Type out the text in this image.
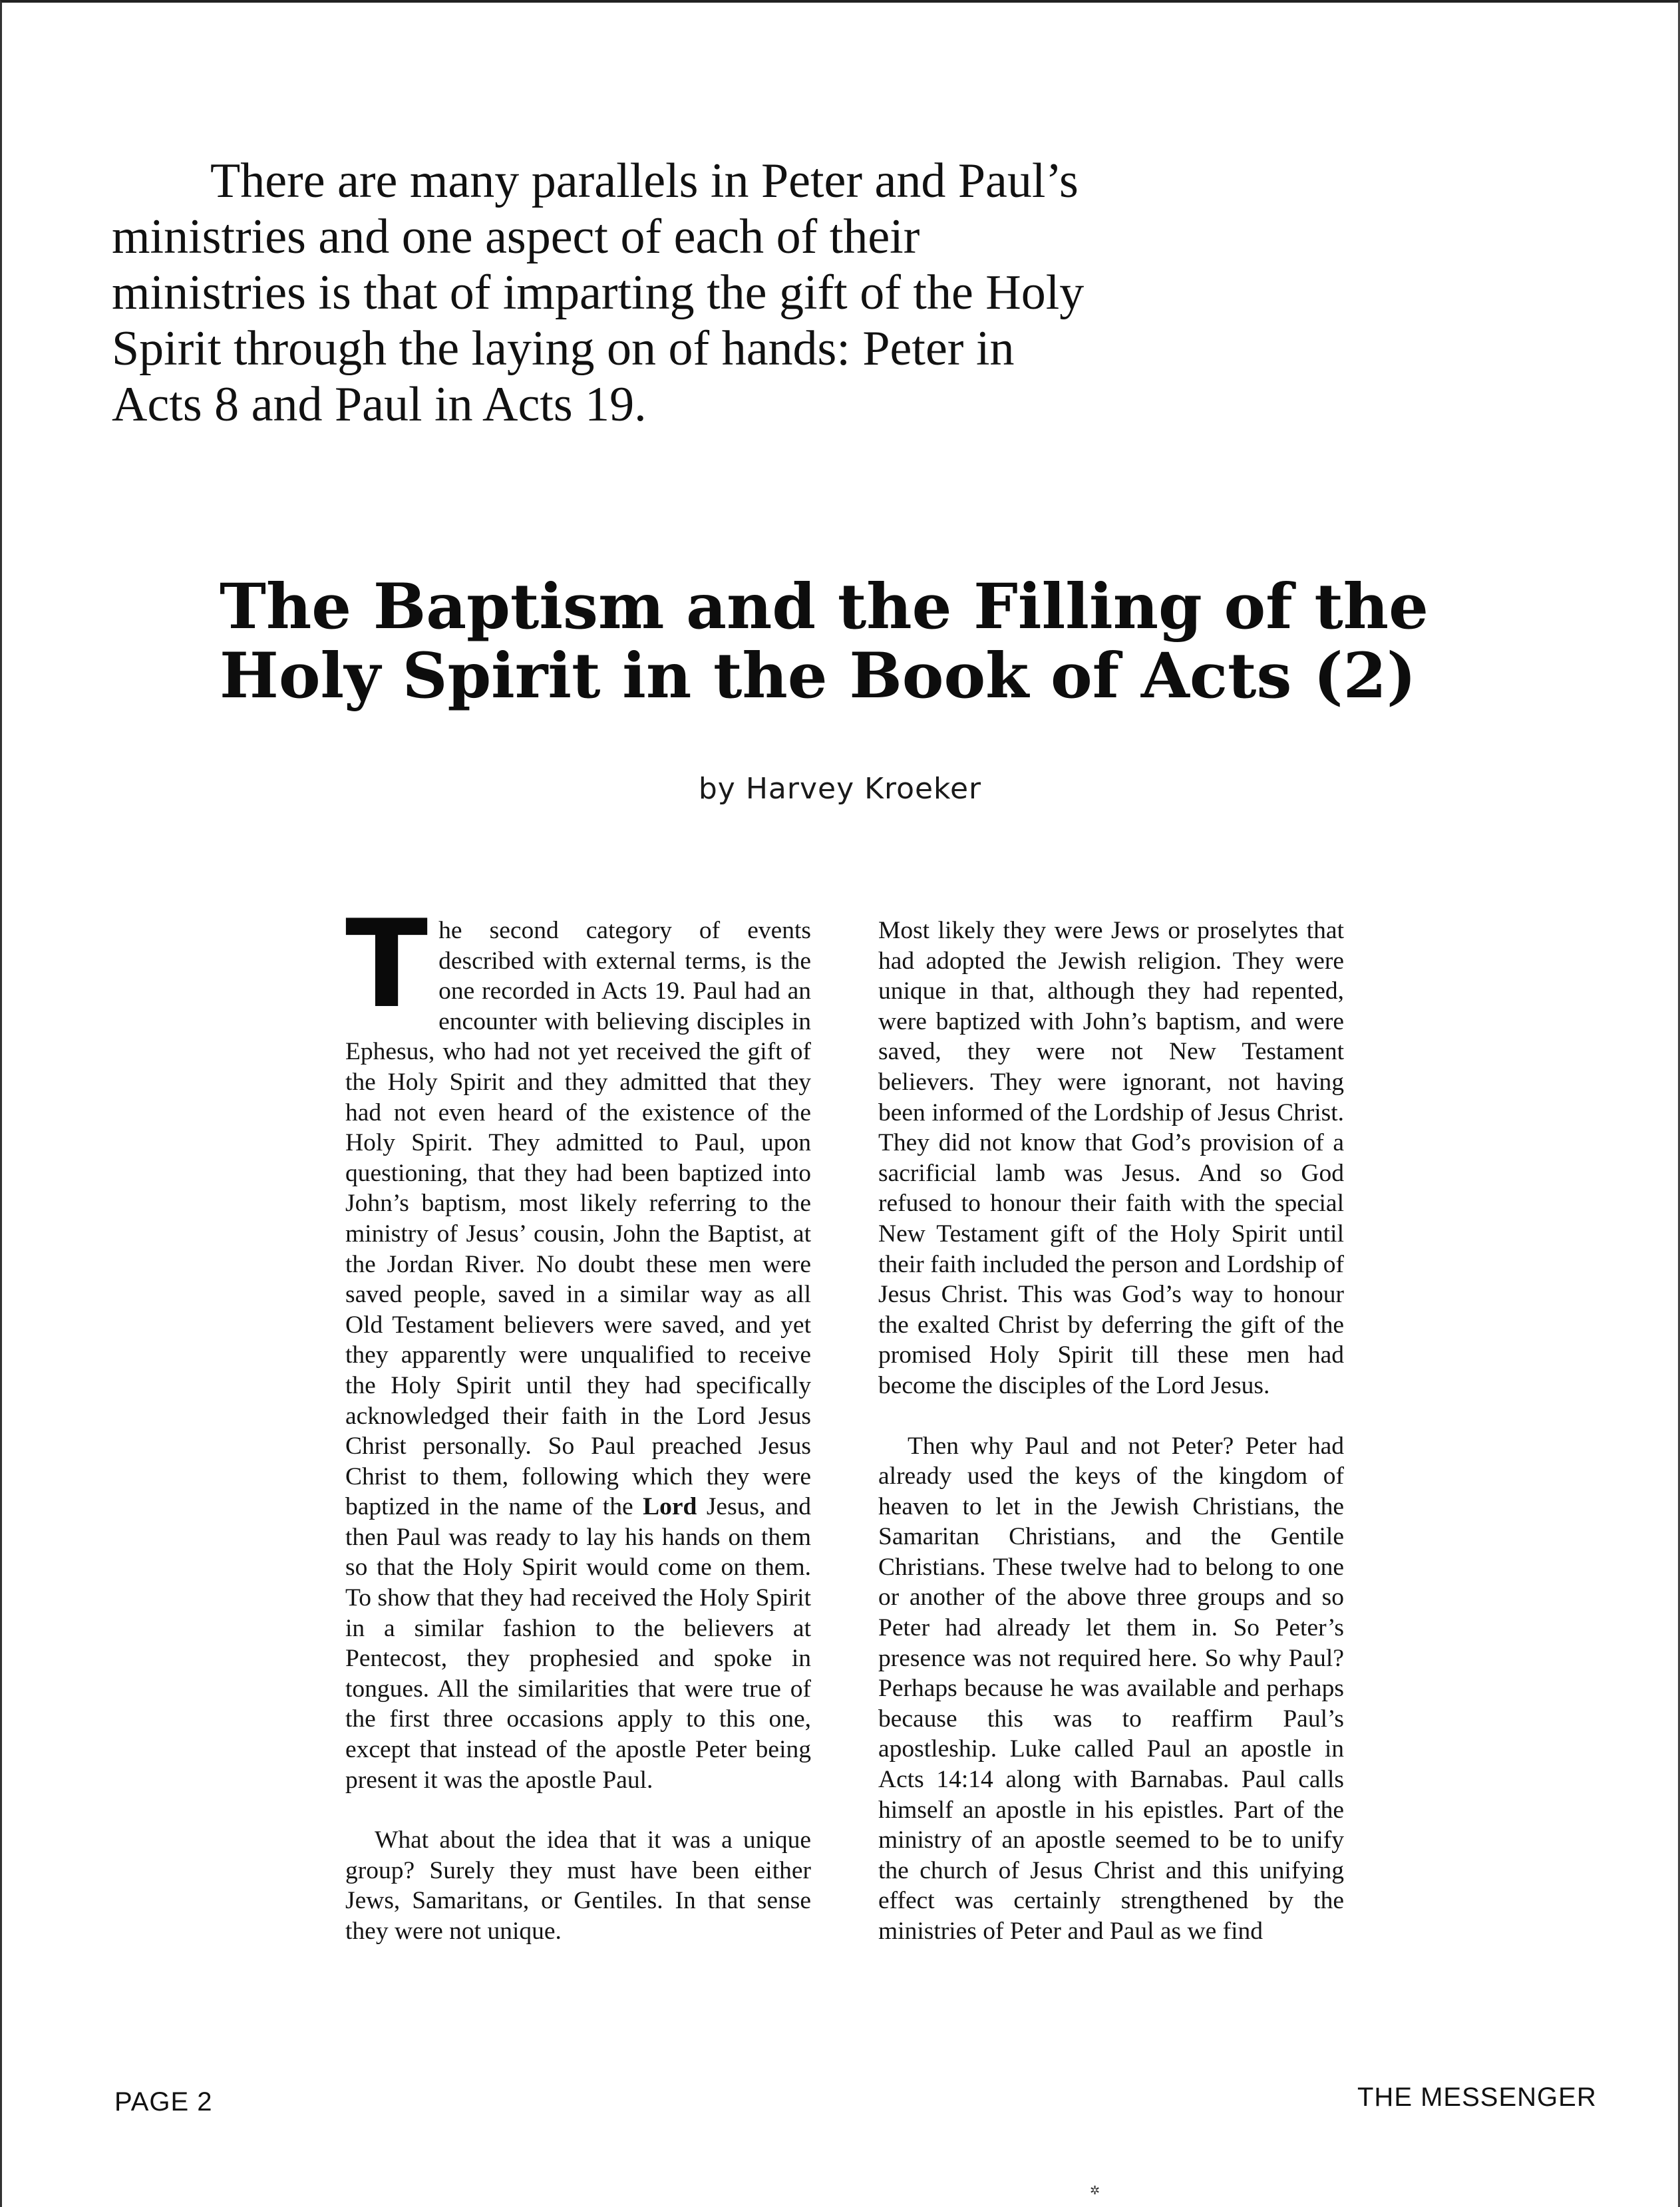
There are many parallels in Peter and Paul’s ministries and one aspect of each of their ministries is that of imparting the gift of the Holy Spirit through the laying on of hands: Peter in Acts 8 and Paul in Acts 19.

The Baptism and the Filling of the
Holy Spirit in the Book of Acts (2)

by Harvey Kroeker

The second category of events described with external terms, is the one recorded in Acts 19. Paul had an encounter with believing disciples in Ephesus, who had not yet received the gift of the Holy Spirit and they admitted that they had not even heard of the existence of the Holy Spirit. They admitted to Paul, upon questioning, that they had been baptized into John’s baptism, most likely referring to the ministry of Jesus’ cousin, John the Baptist, at the Jordan River. No doubt these men were saved people, saved in a similar way as all Old Testament believers were saved, and yet they apparently were unqualified to receive the Holy Spirit until they had specifically acknowledged their faith in the Lord Jesus Christ personally. So Paul preached Jesus Christ to them, following which they were baptized in the name of the Lord Jesus, and then Paul was ready to lay his hands on them so that the Holy Spirit would come on them. To show that they had received the Holy Spirit in a similar fashion to the believers at Pentecost, they prophesied and spoke in tongues. All the similarities that were true of the first three occasions apply to this one, except that instead of the apostle Peter being present it was the apostle Paul.

What about the idea that it was a unique group? Surely they must have been either Jews, Samaritans, or Gentiles. In that sense they were not unique.

Most likely they were Jews or proselytes that had adopted the Jewish religion. They were unique in that, although they had repented, were baptized with John’s baptism, and were saved, they were not New Testament believers. They were ignorant, not having been informed of the Lordship of Jesus Christ. They did not know that God’s provision of a sacrificial lamb was Jesus. And so God refused to honour their faith with the special New Testament gift of the Holy Spirit until their faith included the person and Lordship of Jesus Christ. This was God’s way to honour the exalted Christ by deferring the gift of the promised Holy Spirit till these men had become the disciples of the Lord Jesus.

Then why Paul and not Peter? Peter had already used the keys of the kingdom of heaven to let in the Jewish Christians, the Samaritan Christians, and the Gentile Christians. These twelve had to belong to one or another of the above three groups and so Peter had already let them in. So Peter’s presence was not required here. So why Paul? Perhaps because he was available and perhaps because this was to reaffirm Paul’s apostleship. Luke called Paul an apostle in Acts 14:14 along with Barnabas. Paul calls himself an apostle in his epistles. Part of the ministry of an apostle seemed to be to unify the church of Jesus Christ and this unifying effect was certainly strengthened by the ministries of Peter and Paul as we find

PAGE 2	THE MESSENGER
✲
